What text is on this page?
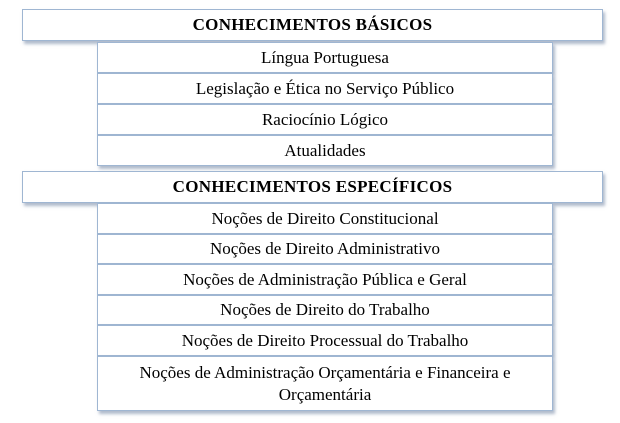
CONHECIMENTOS BÁSICOS
Língua Portuguesa
Legislação e Ética no Serviço Público
Raciocínio Lógico
Atualidades
CONHECIMENTOS ESPECÍFICOS
Noções de Direito Constitucional
Noções de Direito Administrativo
Noções de Administração Pública e Geral
Noções de Direito do Trabalho
Noções de Direito Processual do Trabalho
Noções de Administração Orçamentária e Financeira e Orçamentária
